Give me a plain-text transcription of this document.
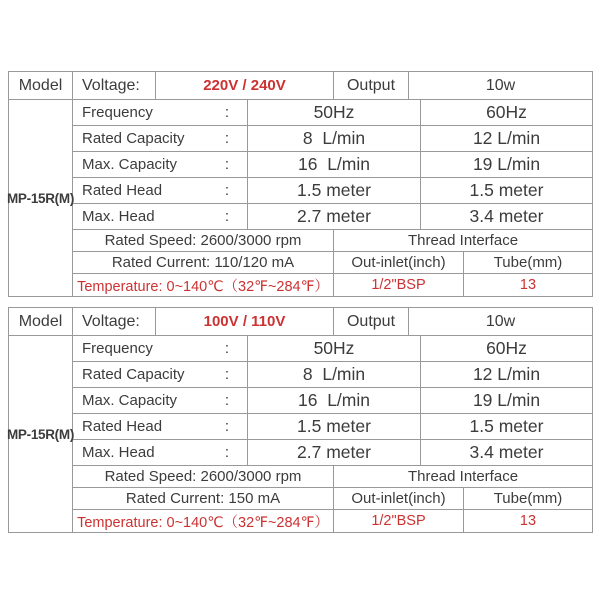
Model	Voltage:	220V / 240V	Output	10w
MP-15R(M)
Frequency	:	50Hz	60Hz
Rated Capacity	:	8  L/min	12 L/min
Max. Capacity	:	16  L/min	19 L/min
Rated Head	:	1.5 meter	1.5 meter
Max. Head	:	2.7 meter	3.4 meter
Rated Speed: 2600/3000 rpm	Thread Interface
Rated Current: 110/120 mA	Out-inlet(inch)	Tube(mm)
Temperature: 0~140℃（32℉~284℉）	1/2"BSP	13
Model	Voltage:	100V / 110V	Output	10w
MP-15R(M)
Frequency	:	50Hz	60Hz
Rated Capacity	:	8  L/min	12 L/min
Max. Capacity	:	16  L/min	19 L/min
Rated Head	:	1.5 meter	1.5 meter
Max. Head	:	2.7 meter	3.4 meter
Rated Speed: 2600/3000 rpm	Thread Interface
Rated Current: 150 mA	Out-inlet(inch)	Tube(mm)
Temperature: 0~140℃（32℉~284℉）	1/2"BSP	13
